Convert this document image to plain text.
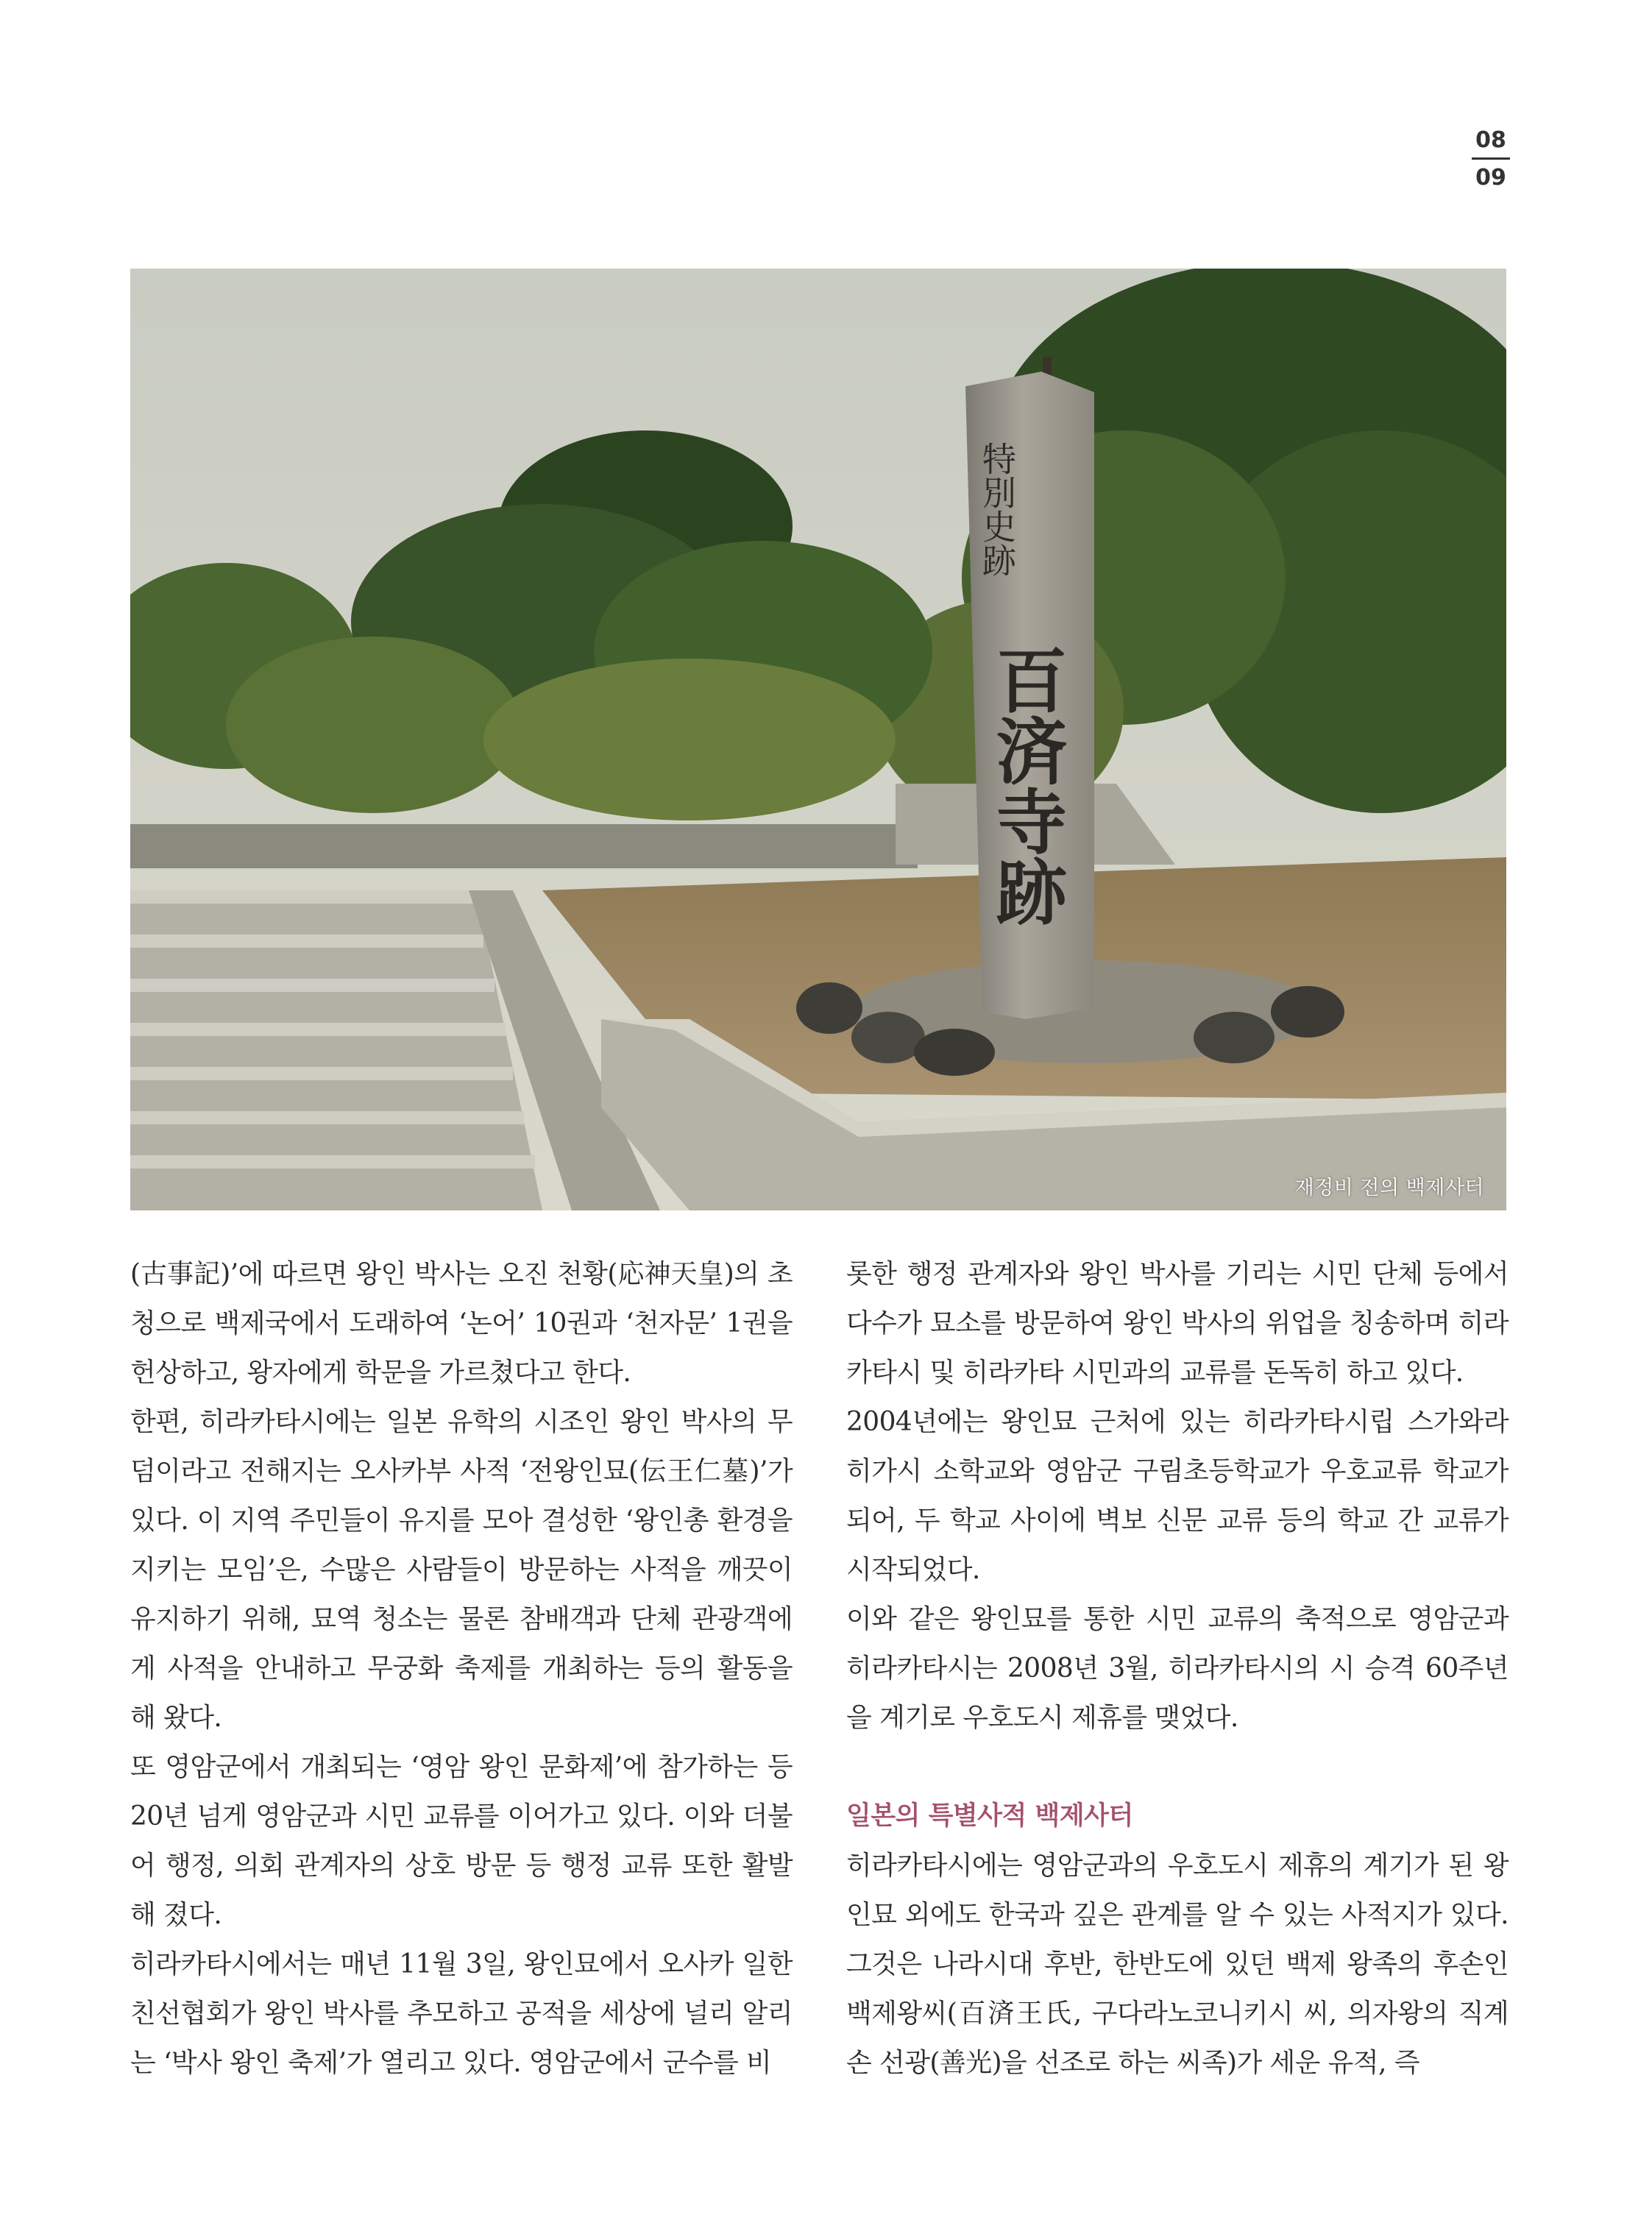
08
09
特別史跡
百済寺跡
재정비 전의 백제사터

(古事記)’에 따르면 왕인 박사는 오진 천황(応神天皇)의 초청으로 백제국에서 도래하여 ‘논어’ 10권과 ‘천자문’ 1권을 헌상하고, 왕자에게 학문을 가르쳤다고 한다.

한편, 히라카타시에는 일본 유학의 시조인 왕인 박사의 무덤이라고 전해지는 오사카부 사적 ‘전왕인묘(伝王仁墓)’가 있다. 이 지역 주민들이 유지를 모아 결성한 ‘왕인총 환경을 지키는 모임’은, 수많은 사람들이 방문하는 사적을 깨끗이 유지하기 위해, 묘역 청소는 물론 참배객과 단체 관광객에게 사적을 안내하고 무궁화 축제를 개최하는 등의 활동을 해 왔다.

또 영암군에서 개최되는 ‘영암 왕인 문화제’에 참가하는 등 20년 넘게 영암군과 시민 교류를 이어가고 있다. 이와 더불어 행정, 의회 관계자의 상호 방문 등 행정 교류 또한 활발해 졌다.

히라카타시에서는 매년 11월 3일, 왕인묘에서 오사카 일한 친선협회가 왕인 박사를 추모하고 공적을 세상에 널리 알리는 ‘박사 왕인 축제’가 열리고 있다. 영암군에서 군수를 비

롯한 행정 관계자와 왕인 박사를 기리는 시민 단체 등에서 다수가 묘소를 방문하여 왕인 박사의 위업을 칭송하며 히라카타시 및 히라카타 시민과의 교류를 돈독히 하고 있다.

2004년에는 왕인묘 근처에 있는 히라카타시립 스가와라 히가시 소학교와 영암군 구림초등학교가 우호교류 학교가 되어, 두 학교 사이에 벽보 신문 교류 등의 학교 간 교류가 시작되었다.

이와 같은 왕인묘를 통한 시민 교류의 축적으로 영암군과 히라카타시는 2008년 3월, 히라카타시의 시 승격 60주년을 계기로 우호도시 제휴를 맺었다.

일본의 특별사적 백제사터

히라카타시에는 영암군과의 우호도시 제휴의 계기가 된 왕인묘 외에도 한국과 깊은 관계를 알 수 있는 사적지가 있다. 그것은 나라시대 후반, 한반도에 있던 백제 왕족의 후손인 백제왕씨(百済王氏, 구다라노코니키시 씨, 의자왕의 직계손 선광(善光)을 선조로 하는 씨족)가 세운 유적, 즉
